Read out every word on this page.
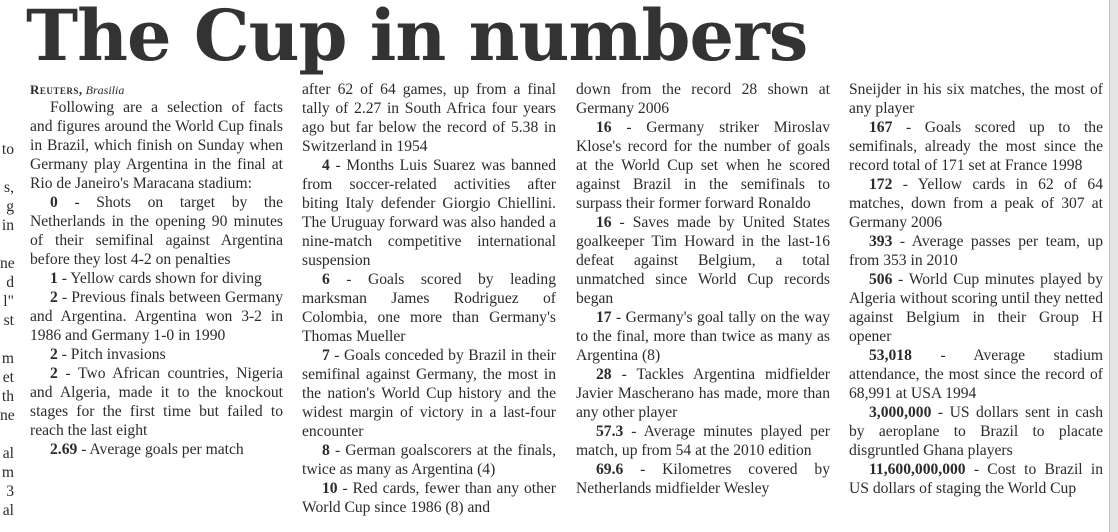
The Cup in numbers
to
s,
g
in
ne
d
l"
st
m
et
th
ne
al
m
3
al

Reuters, Brasilia

Following are a selection of facts and figures around the World Cup finals in Brazil, which finish on Sunday when Germany play Argentina in the final at Rio de Janeiro's Maracana stadium:

0 - Shots on target by the Netherlands in the opening 90 minutes of their semifinal against Argentina before they lost 4-2 on penalties

1 - Yellow cards shown for diving

2 - Previous finals between Germany and Argentina. Argentina won 3-2 in 1986 and Germany 1-0 in 1990

2 - Pitch invasions

2 - Two African countries, Nigeria and Algeria, made it to the knockout stages for the first time but failed to reach the last eight

2.69 - Average goals per match

after 62 of 64 games, up from a final tally of 2.27 in South Africa four years ago but far below the record of 5.38 in Switzerland in 1954

4 - Months Luis Suarez was banned from soccer-related activities after biting Italy defender Giorgio Chiellini. The Uruguay forward was also handed a nine-match competitive international suspension

6 - Goals scored by leading marksman James Rodriguez of Colombia, one more than Germany's Thomas Mueller

7 - Goals conceded by Brazil in their semifinal against Germany, the most in the nation's World Cup history and the widest margin of victory in a last-four encounter

8 - German goalscorers at the finals, twice as many as Argentina (4)

10 - Red cards, fewer than any other World Cup since 1986 (8) and

down from the record 28 shown at Germany 2006

16 - Germany striker Miroslav Klose's record for the number of goals at the World Cup set when he scored against Brazil in the semifinals to surpass their former forward Ronaldo

16 - Saves made by United States goalkeeper Tim Howard in the last-16 defeat against Belgium, a total unmatched since World Cup records began

17 - Germany's goal tally on the way to the final, more than twice as many as Argentina (8)

28 - Tackles Argentina midfielder Javier Mascherano has made, more than any other player

57.3 - Average minutes played per match, up from 54 at the 2010 edition

69.6 - Kilometres covered by Netherlands midfielder Wesley

Sneijder in his six matches, the most of any player

167 - Goals scored up to the semifinals, already the most since the record total of 171 set at France 1998

172 - Yellow cards in 62 of 64 matches, down from a peak of 307 at Germany 2006

393 - Average passes per team, up from 353 in 2010

506 - World Cup minutes played by Algeria without scoring until they netted against Belgium in their Group H opener

53,018 - Average stadium attendance, the most since the record of 68,991 at USA 1994

3,000,000 - US dollars sent in cash by aeroplane to Brazil to placate disgruntled Ghana players

11,600,000,000 - Cost to Brazil in US dollars of staging the World Cup
